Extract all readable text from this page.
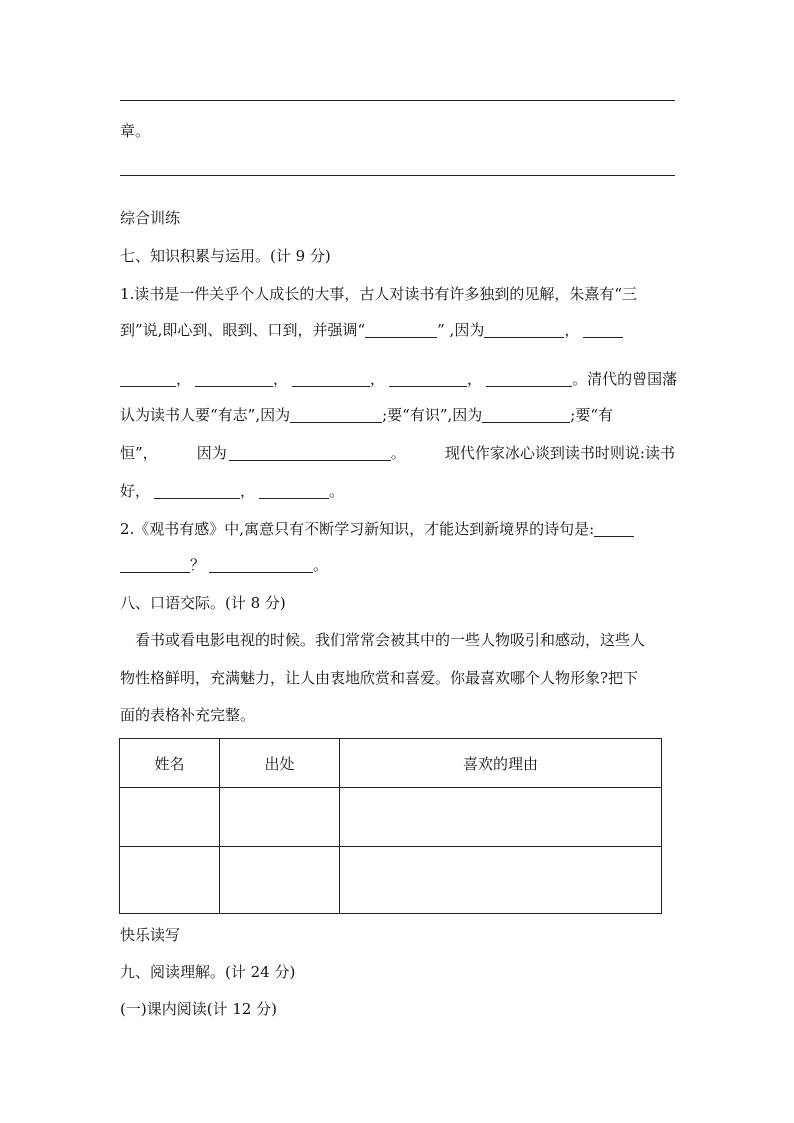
章。
综合训练
七、知识积累与运用。(计 9 分)
1.读书是一件关乎个人成长的大事，古人对读书有许多独到的见解，朱熹有“三
到”说,即心到、眼到、口到，并强调“	” ,因为	，
，	，	，	，	。清代的曾国藩
认为读书人要“有志”,因为	;要“有识”,因为	;要“有
恒”，	因为	。	现代作家冰心谈到读书时则说:读书
好，	，	。
2.《观书有感》中,寓意只有不断学习新知识，才能达到新境界的诗句是:
？	。
八、口语交际。(计 8 分)
看书或看电影电视的时候。我们常常会被其中的一些人物吸引和感动，这些人
物性格鲜明，充满魅力，让人由衷地欣赏和喜爱。你最喜欢哪个人物形象?把下
面的表格补充完整。
姓名	出处	喜欢的理由

快乐读写
九、阅读理解。(计 24 分)
(一)课内阅读(计 12 分)
